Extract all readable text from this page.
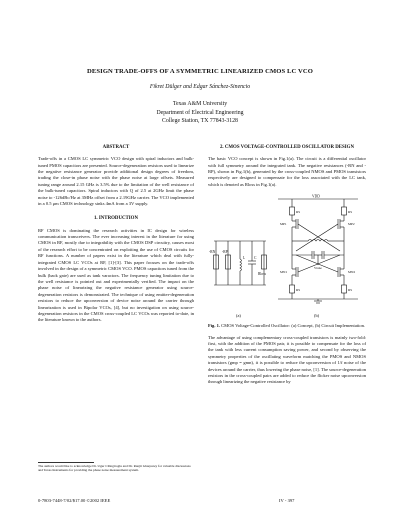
DESIGN TRADE-OFFS OF A SYMMETRIC LINEARIZED CMOS LC VCO
Fikret Dülger and Edgar Sánchez-Sinencio
Texas A&M University
Department of Electrical Engineering
College Station, TX 77843-3128

ABSTRACT

Trade-offs in a CMOS LC symmetric VCO design with spiral inductors and bulk-tuned PMOS capacitors are presented. Source-degeneration resistors used to linearize the negative resistance generator provide additional design degrees of freedom, trading the close-in phase noise with the phase noise at large offsets. Measured tuning range around 2.15 GHz is 3.5% due to the limitation of the well resistance of the bulk-tuned capacitors. Spiral inductors with Q of 2.5 at 2GHz limit the phase noise to -126dBc/Hz at 3MHz offset from a 2.19GHz carrier. The VCO implemented in a 0.5 μm CMOS technology sinks 4mA from a 3V supply.

1. INTRODUCTION

RF CMOS is dominating the research activities in IC design for wireless communication transceivers. The ever increasing interest in the literature for using CMOS in RF, mostly due to integrability with the CMOS DSP circuitry, causes most of the research effort to be concentrated on exploiting the use of CMOS circuits for RF functions. A number of papers exist in the literature which deal with fully-integrated CMOS LC VCOs at RF, [1]-[3]. This paper focuses on the trade-offs involved in the design of a symmetric CMOS VCO. PMOS capacitors tuned from the bulk (back gate) are used as tank varactors. The frequency tuning limitation due to the well resistance is pointed out and experimentally verified. The impact on the phase noise of linearizing the negative resistance generator using source-degeneration resistors is demonstrated. The technique of using emitter-degeneration resistors to reduce the upconversion of device noise around the carrier through linearization is used in Bipolar VCOs, [4], but no investigation on using source-degeneration resistors in the CMOS cross-coupled LC VCOs was reported to-date, in the literature known to the authors.

The authors would like to acknowledge Dr. Ugur Cilingiroglu and Dr. Ranjit Gharpurey for valuable discussions and Texas Instruments for providing the phase noise measurement system.

2. CMOS VOLTAGE-CONTROLLED OSCILLATOR DESIGN

The basic VCO concept is shown in Fig.1(a). The circuit is a differential oscillator with full symmetry around the integrated tank. The negative resistances (-RN and -RP), shown in Fig.1(b), generated by the cross-coupled NMOS and PMOS transistors respectively are designed to compensate for the loss associated with the LC tank, which is denoted as Rloss in Fig.1(a).

-RN -RP
L C
Rloss
(a)
VDD
RS	RS
MP1	MP2
Vtune
MN1	MN2
RS	RS
(b)
Fig. 1. CMOS Voltage-Controlled Oscillator: (a) Concept, (b) Circuit Implementation.

The advantage of using complementary cross-coupled transistors is mainly two-fold: first, with the addition of the PMOS pair, it is possible to compensate for the loss of the tank with less current consumption saving power, and second by observing the symmetry properties of the oscillating waveform matching the PMOS and NMOS transistors (gmp = gmn), it is possible to reduce the upconversion of 1/f noise of the devices around the carrier, thus lowering the phase noise, [1]. The source-degeneration resistors in the cross-coupled pairs are added to reduce the flicker noise upconversion through linearizing the negative resistance by

0-7803-7448-7/02/$17.00 ©2002 IEEE	IV - 397
